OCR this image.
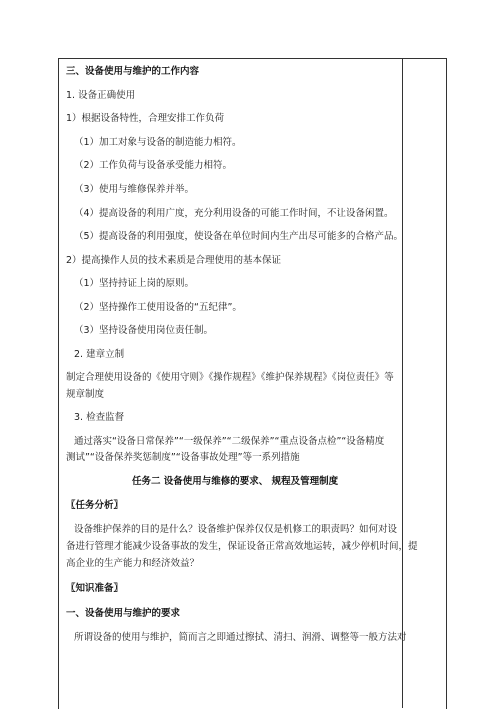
三、设备使用与维护的工作内容
1. 设备正确使用
1）根据设备特性，合理安排工作负荷
（1）加工对象与设备的制造能力相符。
（2）工作负荷与设备承受能力相符。
（3）使用与维修保养并举。
（4）提高设备的利用广度，充分利用设备的可能工作时间，不让设备闲置。
（5）提高设备的利用强度，使设备在单位时间内生产出尽可能多的合格产品。
2）提高操作人员的技术素质是合理使用的基本保证
（1）坚持持证上岗的原则。
（2）坚持操作工使用设备的“五纪律”。
（3）坚持设备使用岗位责任制。
2. 建章立制
制定合理使用设备的《使用守则》《操作规程》《维护保养规程》《岗位责任》等
规章制度
3. 检查监督
通过落实“设备日常保养”“一级保养”“二级保养”“重点设备点检”“设备精度
测试”“设备保养奖惩制度”“设备事故处理”等一系列措施
任务二 设备使用与维修的要求、 规程及管理制度
〖任务分析〗
设备维护保养的目的是什么？设备维护保养仅仅是机修工的职责吗？如何对设
备进行管理才能减少设备事故的发生，保证设备正常高效地运转，减少停机时间，提
高企业的生产能力和经济效益？
〖知识准备〗
一、设备使用与维护的要求
所谓设备的使用与维护，简而言之即通过擦拭、清扫、润滑、调整等一般方法对
